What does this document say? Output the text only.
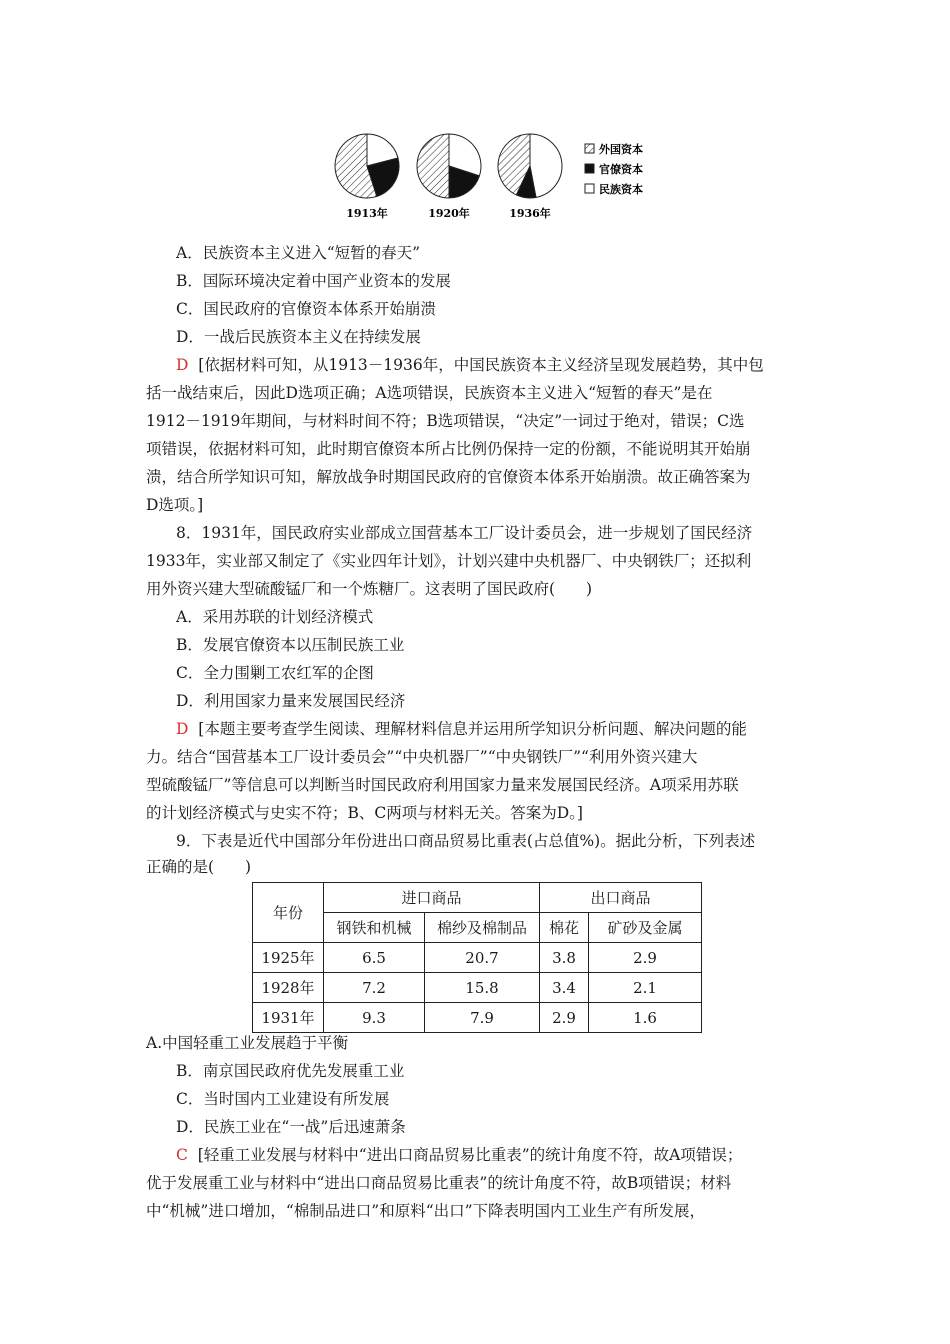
1913年	1920年	1936年
外国资本
官僚资本
民族资本
A．民族资本主义进入“短暂的春天”
B．国际环境决定着中国产业资本的发展
C．国民政府的官僚资本体系开始崩溃
D．一战后民族资本主义在持续发展
D [依据材料可知，从1913－1936年，中国民族资本主义经济呈现发展趋势，其中包
括一战结束后，因此D选项正确；A选项错误，民族资本主义进入“短暂的春天”是在
1912－1919年期间，与材料时间不符；B选项错误，“决定”一词过于绝对，错误；C选
项错误，依据材料可知，此时期官僚资本所占比例仍保持一定的份额，不能说明其开始崩
溃，结合所学知识可知，解放战争时期国民政府的官僚资本体系开始崩溃。故正确答案为
D选项。]
8．1931年，国民政府实业部成立国营基本工厂设计委员会，进一步规划了国民经济
1933年，实业部又制定了《实业四年计划》，计划兴建中央机器厂、中央钢铁厂；还拟利
用外资兴建大型硫酸锰厂和一个炼糖厂。这表明了国民政府(　　)
A．采用苏联的计划经济模式
B．发展官僚资本以压制民族工业
C．全力围剿工农红军的企图
D．利用国家力量来发展国民经济
D [本题主要考查学生阅读、理解材料信息并运用所学知识分析问题、解决问题的能
力。结合“国营基本工厂设计委员会”“中央机器厂”“中央钢铁厂”“利用外资兴建大
型硫酸锰厂”等信息可以判断当时国民政府利用国家力量来发展国民经济。A项采用苏联
的计划经济模式与史实不符；B、C两项与材料无关。答案为D。]
9．下表是近代中国部分年份进出口商品贸易比重表(占总值%)。据此分析，下列表述
正确的是(　　)
年份	进口商品		出口商品	
	钢铁和机械	棉纱及棉制品	棉花	矿砂及金属
1925年	6.5	20.7	3.8	2.9
1928年	7.2	15.8	3.4	2.1
1931年	9.3	7.9	2.9	1.6
A.中国轻重工业发展趋于平衡
B．南京国民政府优先发展重工业
C．当时国内工业建设有所发展
D．民族工业在“一战”后迅速萧条
C [轻重工业发展与材料中“进出口商品贸易比重表”的统计角度不符，故A项错误；
优于发展重工业与材料中“进出口商品贸易比重表”的统计角度不符，故B项错误；材料
中“机械”进口增加，“棉制品进口”和原料“出口”下降表明国内工业生产有所发展，
